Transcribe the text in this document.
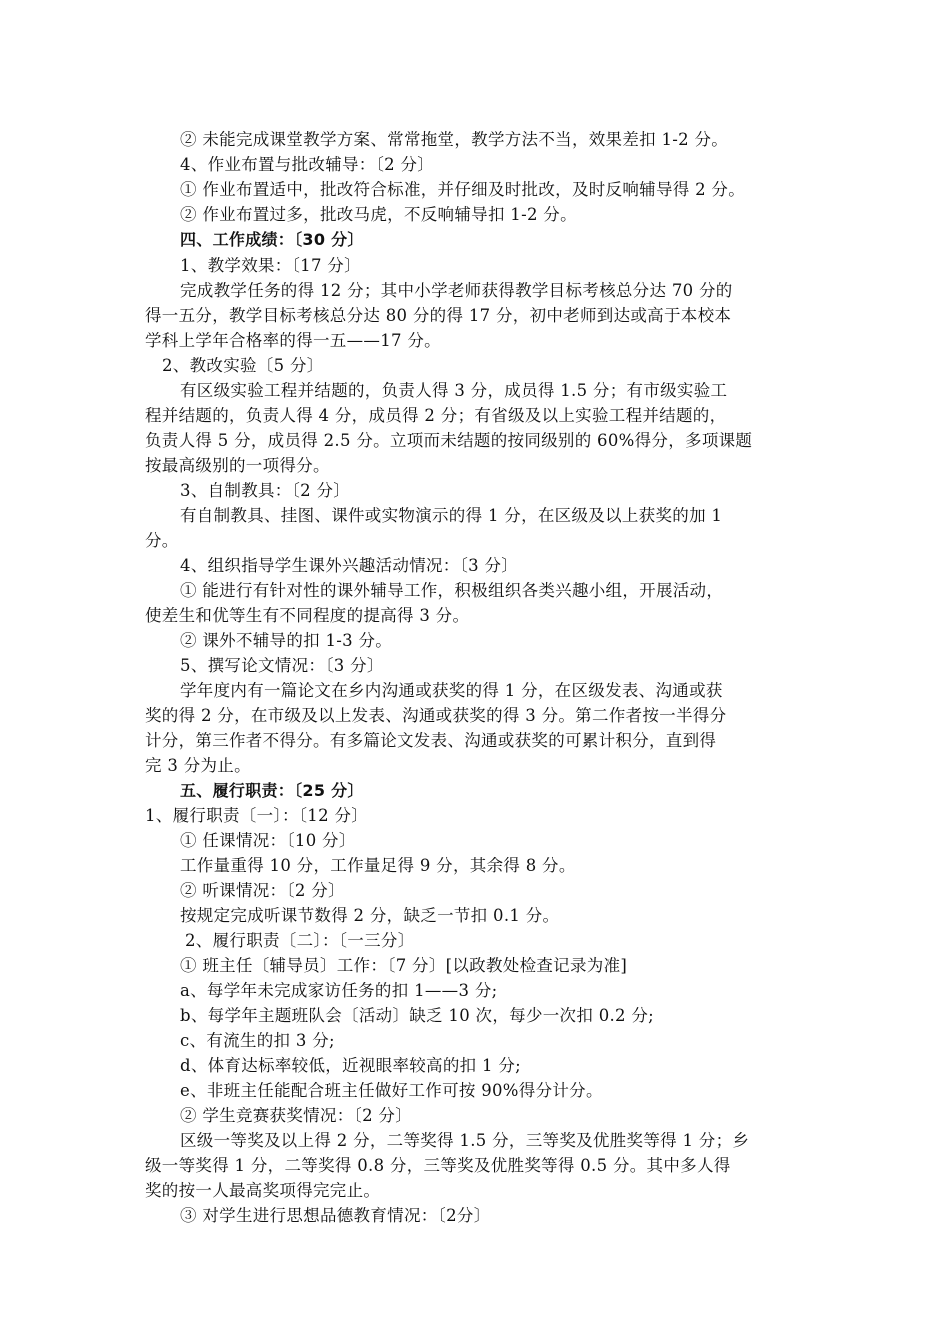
② 未能完成课堂教学方案、常常拖堂，教学方法不当，效果差扣 1-2 分。
4、作业布置与批改辅导：〔2 分〕
① 作业布置适中，批改符合标准，并仔细及时批改，及时反响辅导得 2 分。
② 作业布置过多，批改马虎，不反响辅导扣 1-2 分。
四、工作成绩：〔30 分〕
1、教学效果：〔17 分〕
完成教学任务的得 12 分；其中小学老师获得教学目标考核总分达 70 分的
得一五分，教学目标考核总分达 80 分的得 17 分，初中老师到达或高于本校本
学科上学年合格率的得一五——17 分。
2、教改实验〔5 分〕
有区级实验工程并结题的，负责人得 3 分，成员得 1.5 分；有市级实验工
程并结题的，负责人得 4 分，成员得 2 分；有省级及以上实验工程并结题的，
负责人得 5 分，成员得 2.5 分。立项而未结题的按同级别的 60%得分，多项课题
按最高级别的一项得分。
3、自制教具：〔2 分〕
有自制教具、挂图、课件或实物演示的得 1 分，在区级及以上获奖的加 1
分。
4、组织指导学生课外兴趣活动情况：〔3 分〕
① 能进行有针对性的课外辅导工作，积极组织各类兴趣小组，开展活动，
使差生和优等生有不同程度的提高得 3 分。
② 课外不辅导的扣 1-3 分。
5、撰写论文情况：〔3 分〕
学年度内有一篇论文在乡内沟通或获奖的得 1 分，在区级发表、沟通或获
奖的得 2 分，在市级及以上发表、沟通或获奖的得 3 分。第二作者按一半得分
计分，第三作者不得分。有多篇论文发表、沟通或获奖的可累计积分，直到得
完 3 分为止。
五、履行职责：〔25 分〕
1、履行职责〔一〕：〔12 分〕
① 任课情况：〔10 分〕
工作量重得 10 分，工作量足得 9 分，其余得 8 分。
② 听课情况：〔2 分〕
按规定完成听课节数得 2 分，缺乏一节扣 0.1 分。
2、履行职责〔二〕：〔一三分〕
① 班主任〔辅导员〕工作：〔7 分〕[以政教处检查记录为准]
a、每学年未完成家访任务的扣 1——3 分;
b、每学年主题班队会〔活动〕缺乏 10 次，每少一次扣 0.2 分;
c、有流生的扣 3 分;
d、体育达标率较低，近视眼率较高的扣 1 分;
e、非班主任能配合班主任做好工作可按 90%得分计分。
② 学生竞赛获奖情况：〔2 分〕
区级一等奖及以上得 2 分，二等奖得 1.5 分，三等奖及优胜奖等得 1 分；乡
级一等奖得 1 分，二等奖得 0.8 分，三等奖及优胜奖等得 0.5 分。其中多人得
奖的按一人最高奖项得完完止。
③ 对学生进行思想品德教育情况：〔2分〕
